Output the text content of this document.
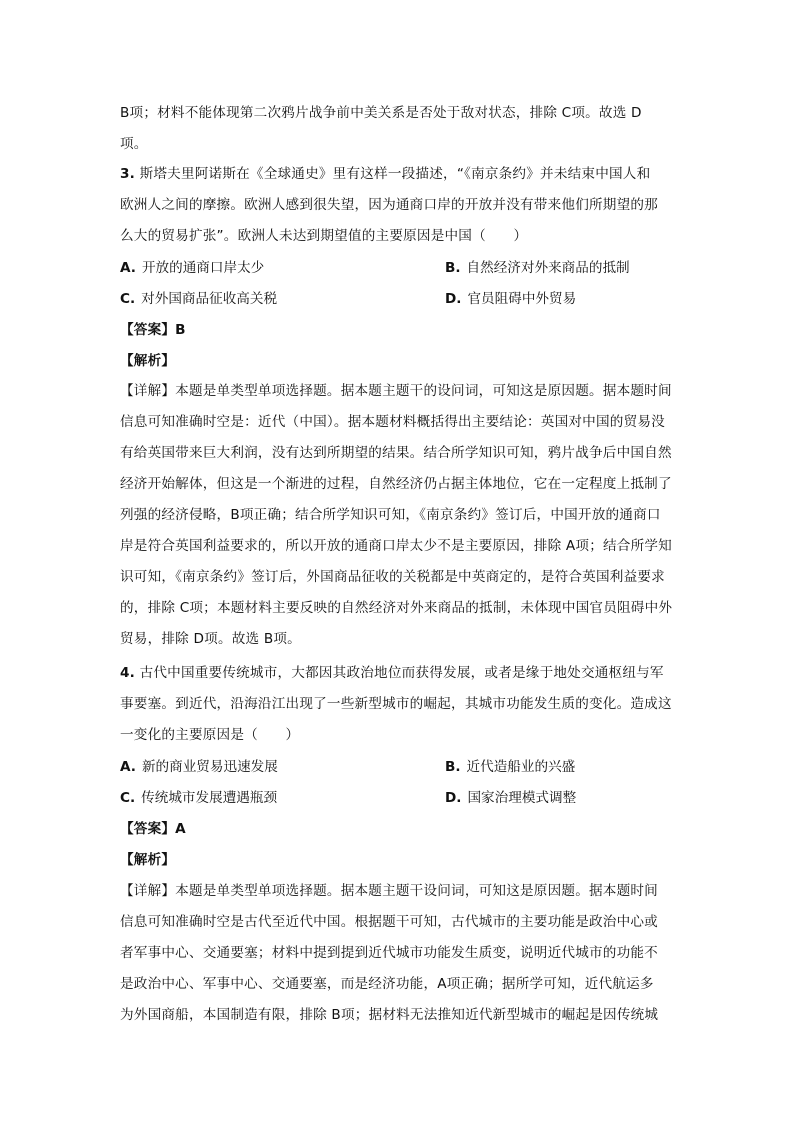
B项；材料不能体现第二次鸦片战争前中美关系是否处于敌对状态，排除 C项。故选 D
项。
3. 斯塔夫里阿诺斯在《全球通史》里有这样一段描述，“《南京条约》并未结束中国人和
欧洲人之间的摩擦。欧洲人感到很失望，因为通商口岸的开放并没有带来他们所期望的那
么大的贸易扩张”。欧洲人未达到期望值的主要原因是中国（　　）
A. 开放的通商口岸太少	B. 自然经济对外来商品的抵制
C. 对外国商品征收高关税	D. 官员阻碍中外贸易
【答案】B
【解析】
【详解】本题是单类型单项选择题。据本题主题干的设问词，可知这是原因题。据本题时间
信息可知准确时空是：近代（中国）。据本题材料概括得出主要结论：英国对中国的贸易没
有给英国带来巨大利润，没有达到所期望的结果。结合所学知识可知，鸦片战争后中国自然
经济开始解体，但这是一个渐进的过程，自然经济仍占据主体地位，它在一定程度上抵制了
列强的经济侵略，B项正确；结合所学知识可知，《南京条约》签订后，中国开放的通商口
岸是符合英国利益要求的，所以开放的通商口岸太少不是主要原因，排除 A项；结合所学知
识可知，《南京条约》签订后，外国商品征收的关税都是中英商定的，是符合英国利益要求
的，排除 C项；本题材料主要反映的自然经济对外来商品的抵制，未体现中国官员阻碍中外
贸易，排除 D项。故选 B项。
4. 古代中国重要传统城市，大都因其政治地位而获得发展，或者是缘于地处交通枢纽与军
事要塞。到近代，沿海沿江出现了一些新型城市的崛起，其城市功能发生质的变化。造成这
一变化的主要原因是（　　）
A. 新的商业贸易迅速发展	B. 近代造船业的兴盛
C. 传统城市发展遭遇瓶颈	D. 国家治理模式调整
【答案】A
【解析】
【详解】本题是单类型单项选择题。据本题主题干设问词，可知这是原因题。据本题时间
信息可知准确时空是古代至近代中国。根据题干可知，古代城市的主要功能是政治中心或
者军事中心、交通要塞；材料中提到提到近代城市功能发生质变，说明近代城市的功能不
是政治中心、军事中心、交通要塞，而是经济功能，A项正确；据所学可知，近代航运多
为外国商船，本国制造有限，排除 B项；据材料无法推知近代新型城市的崛起是因传统城
